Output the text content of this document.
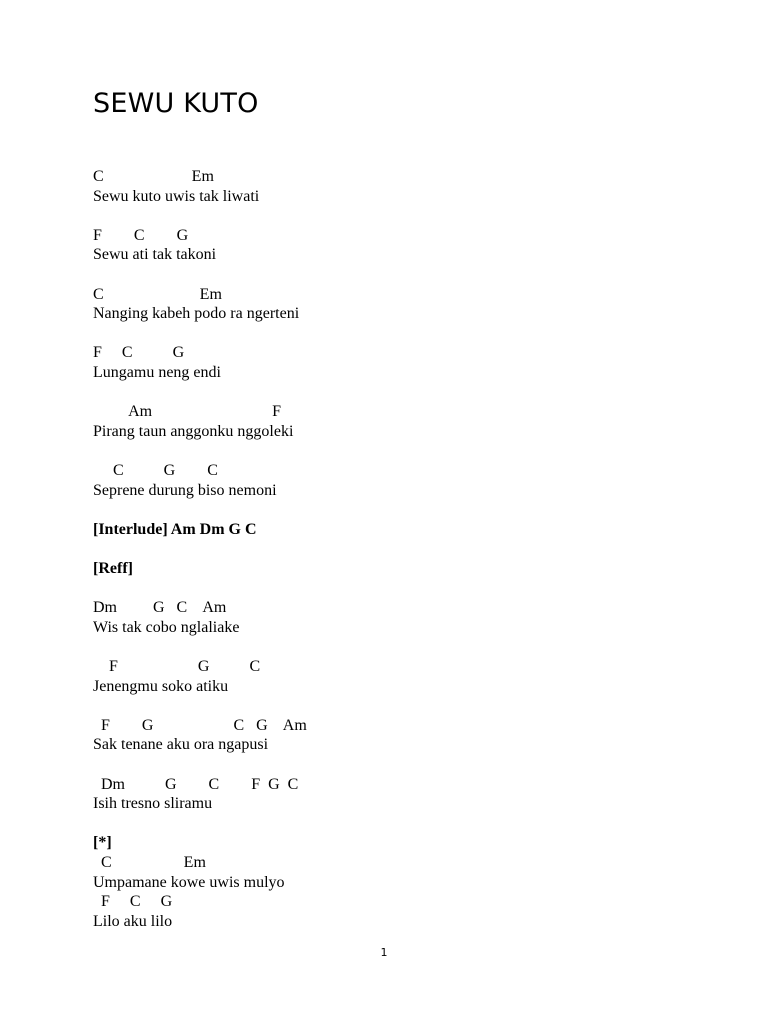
SEWU KUTO
C                      Em
Sewu kuto uwis tak liwati
F        C        G
Sewu ati tak takoni
C                        Em
Nanging kabeh podo ra ngerteni
F     C          G
Lungamu neng endi
Am                              F
Pirang taun anggonku nggoleki
C          G        C
Seprene durung biso nemoni
[Interlude] Am Dm G C
[Reff]
Dm         G   C    Am
Wis tak cobo nglaliake
F                    G          C
Jenengmu soko atiku
F        G                    C   G    Am
Sak tenane aku ora ngapusi
Dm          G        C        F  G  C
Isih tresno sliramu
[*]
C                  Em
Umpamane kowe uwis mulyo
F     C     G
Lilo aku lilo
1
